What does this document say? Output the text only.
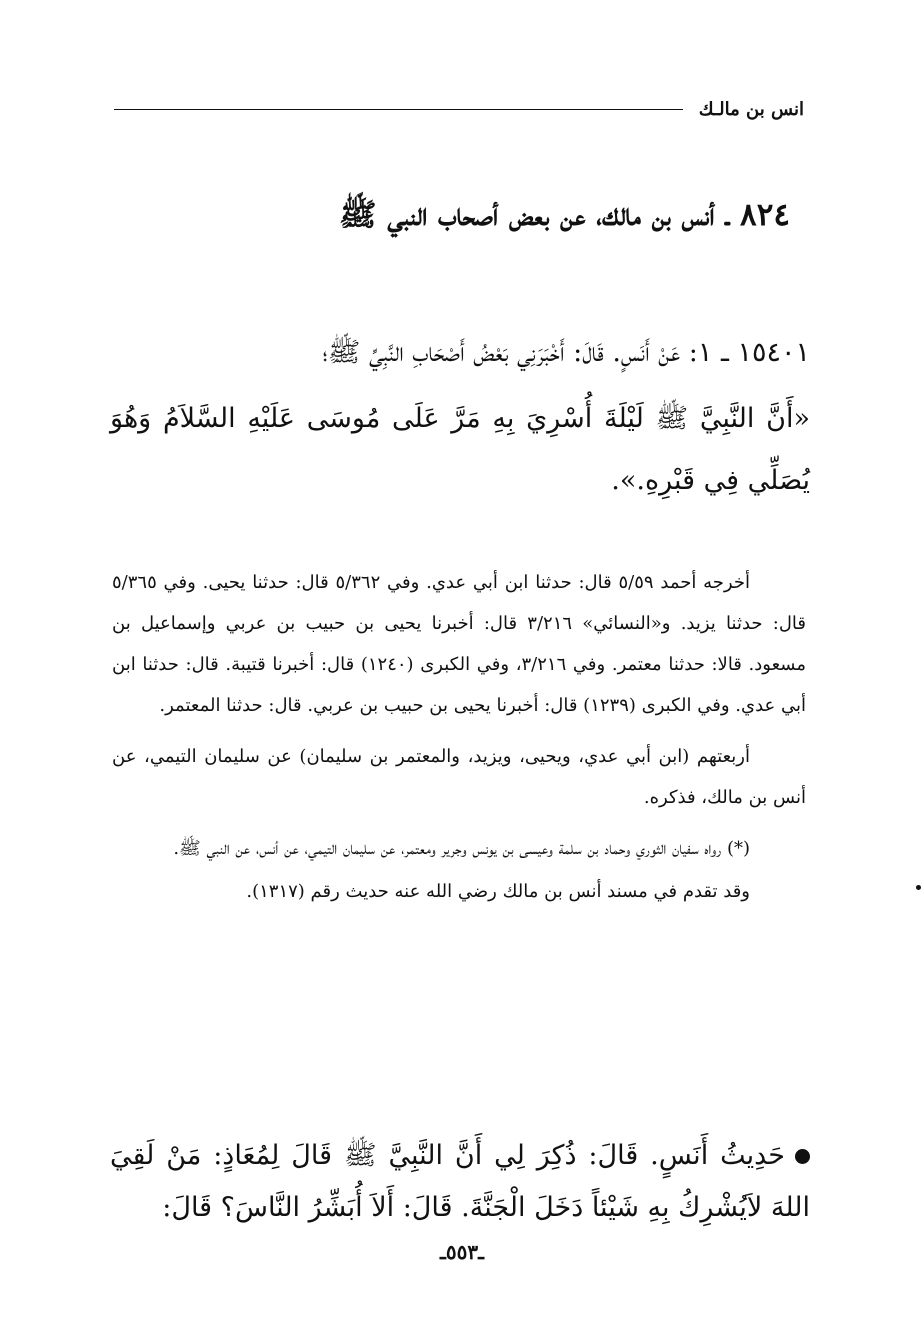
انس بن مالـك
٨٢٤ ـ أنس بن مالك، عن بعض أصحاب النبي ﷺ

١٥٤٠١ ـ ١: عَنْ أَنَسٍ. قَالَ: أَخْبَرَنِي بَعْضُ أَصْحَابِ النَّبِيِّ ﷺ؛

«أَنَّ النَّبِيَّ ﷺ لَيْلَةَ أُسْرِيَ بِهِ مَرَّ عَلَى مُوسَى عَلَيْهِ السَّلاَمُ وَهُوَ يُصَلِّي فِي قَبْرِهِ.».

أخرجه أحمد ٥/٥٩ قال: حدثنا ابن أبي عدي. وفي ٥/٣٦٢ قال: حدثنا يحيى. وفي ٥/٣٦٥ قال: حدثنا يزيد. و«النسائي» ٣/٢١٦ قال: أخبرنا يحيى بن حبيب بن عربي وإسماعيل بن مسعود. قالا: حدثنا معتمر. وفي ٣/٢١٦، وفي الكبرى (١٢٤٠) قال: أخبرنا قتيبة. قال: حدثنا ابن أبي عدي. وفي الكبرى (١٢٣٩) قال: أخبرنا يحيى بن حبيب بن عربي. قال: حدثنا المعتمر.

أربعتهم (ابن أبي عدي، ويحيى، ويزيد، والمعتمر بن سليمان) عن سليمان التيمي، عن أنس بن مالك، فذكره.

(*) رواه سفيان الثوري وحماد بن سلمة وعيسى بن يونس وجرير ومعتمر، عن سليمان التيمي، عن أنس، عن النبي ﷺ.

وقد تقدم في مسند أنس بن مالك رضي الله عنه حديث رقم (١٣١٧).

حَدِيثُ أَنَسٍ. قَالَ: ذُكِرَ لِي أَنَّ النَّبِيَّ ﷺ قَالَ لِمُعَاذٍ: مَنْ لَقِيَ اللهَ لاَيُشْرِكُ بِهِ شَيْئاً دَخَلَ الْجَنَّةَ. قَالَ: أَلاَ أُبَشِّرُ النَّاسَ؟ قَالَ:

ـ٥٥٣ـ
